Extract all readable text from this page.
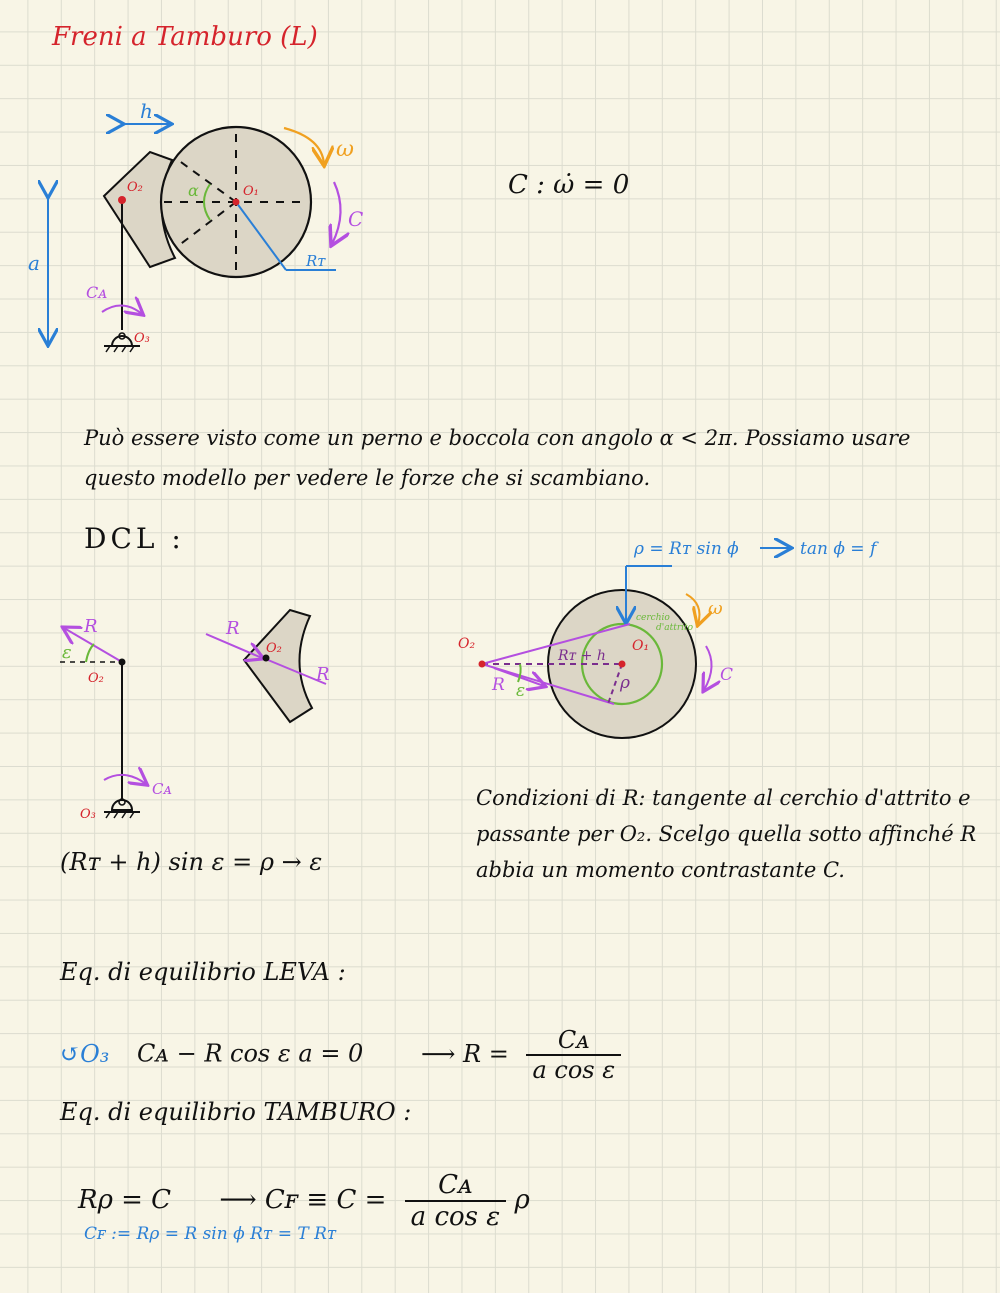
Freni a Tamburo (L)
h
a
α
Rᴛ
O₁
O₂
O₃
Cᴀ
ω
C
C : ω̇ = 0
Può essere visto come un perno e boccola con angolo α < 2π. Possiamo usare questo modello per vedere le forze che si scambiano.
DCL :
R
ε
O₂
O₃
Cᴀ
R
R
O₂	O₂	O₁
Rᴛ + h
R ε	ρ
cerchio
d'attrito
ρ = Rᴛ sin ϕ	tan ϕ = f
ω
C
Condizioni di R: tangente al cerchio d'attrito e passante per O₂. Scelgo quella sotto affinché R abbia un momento contrastante C.
(Rᴛ + h) sin ε = ρ → ε
Eq. di equilibrio LEVA :
↺O₃ Cᴀ − R cos ε a = 0 ⟶ $R = \frac{\text{Cᴀ}}{\text{a cos ε}}$
Eq. di equilibrio TAMBURO :
Rρ = C ⟶ Cꜰ ≡ $C = \frac{\text{Cᴀ}}{\text{a cos ε}}$ ρ
Cꜰ := Rρ = R sin ϕ Rᴛ = T Rᴛ
